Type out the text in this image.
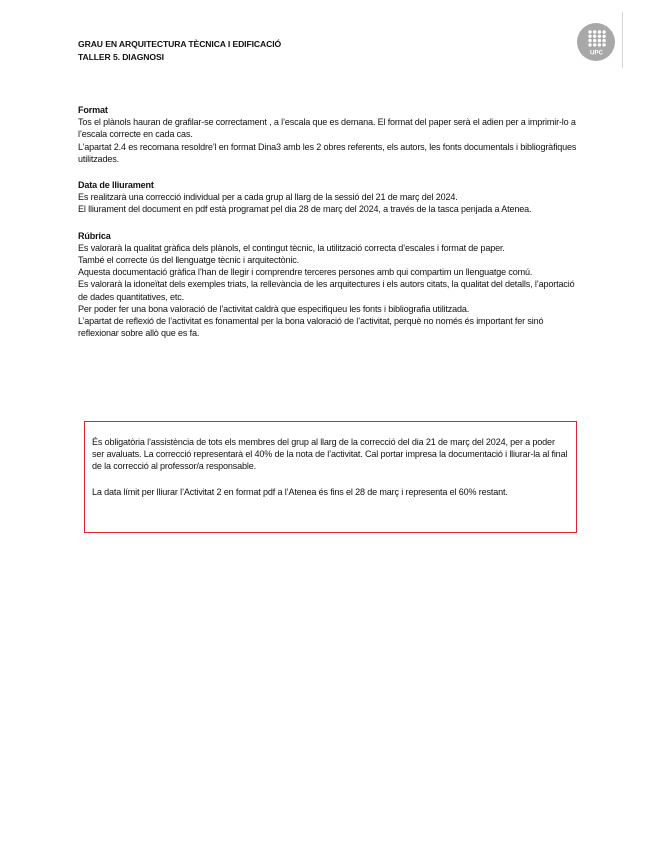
GRAU EN ARQUITECTURA TÈCNICA I EDIFICACIÓ
TALLER 5. DIAGNOSI	UPC

Format

Tos el plànols hauran de grafilar-se correctament , a l’escala que es demana. El format del paper serà el adien per a imprimir-lo a l’escala correcte en cada cas.

L’apartat 2.4 es recomana resoldre’l en format Dina3 amb les 2 obres referents, els autors, les fonts documentals i bibliogràfiques utilitzades.

Data de lliurament

Es realitzarà una correcció individual per a cada grup al llarg de la sessió del 21 de març del 2024.

El lliurament del document en pdf està programat pel dia 28 de març del 2024, a través de la tasca penjada a Atenea.

Rúbrica

Es valorarà la qualitat gràfica dels plànols, el contingut tècnic, la utilització correcta d’escales i format de paper.

També el correcte ús del llenguatge tècnic i arquitectònic.

Aquesta documentació gràfica l’han de llegir i comprendre terceres persones amb qui compartim un llenguatge comú.

Es valorarà la idoneïtat dels exemples triats, la rellevància de les arquitectures i els autors citats, la qualitat del detalls, l’aportació de dades quantitatives, etc.

Per poder fer una bona valoració de l’activitat caldrà que especifiqueu les fonts i bibliografia utilitzada.

L’apartat de reflexió de l’activitat es fonamental per la bona valoració de l’activitat, perquè no només és important fer sinó reflexionar sobre allò que es fa.

És obligatòria l’assistència de tots els membres del grup al llarg de la correcció del dia 21 de març del 2024, per a poder ser avaluats. La correcció representarà el 40% de la nota de l’activitat. Cal portar impresa la documentació i lliurar-la al final de la correcció al professor/a responsable.

La data límit per lliurar l’Activitat 2 en format pdf a l’Atenea és fins el 28 de març i representa el 60% restant.
